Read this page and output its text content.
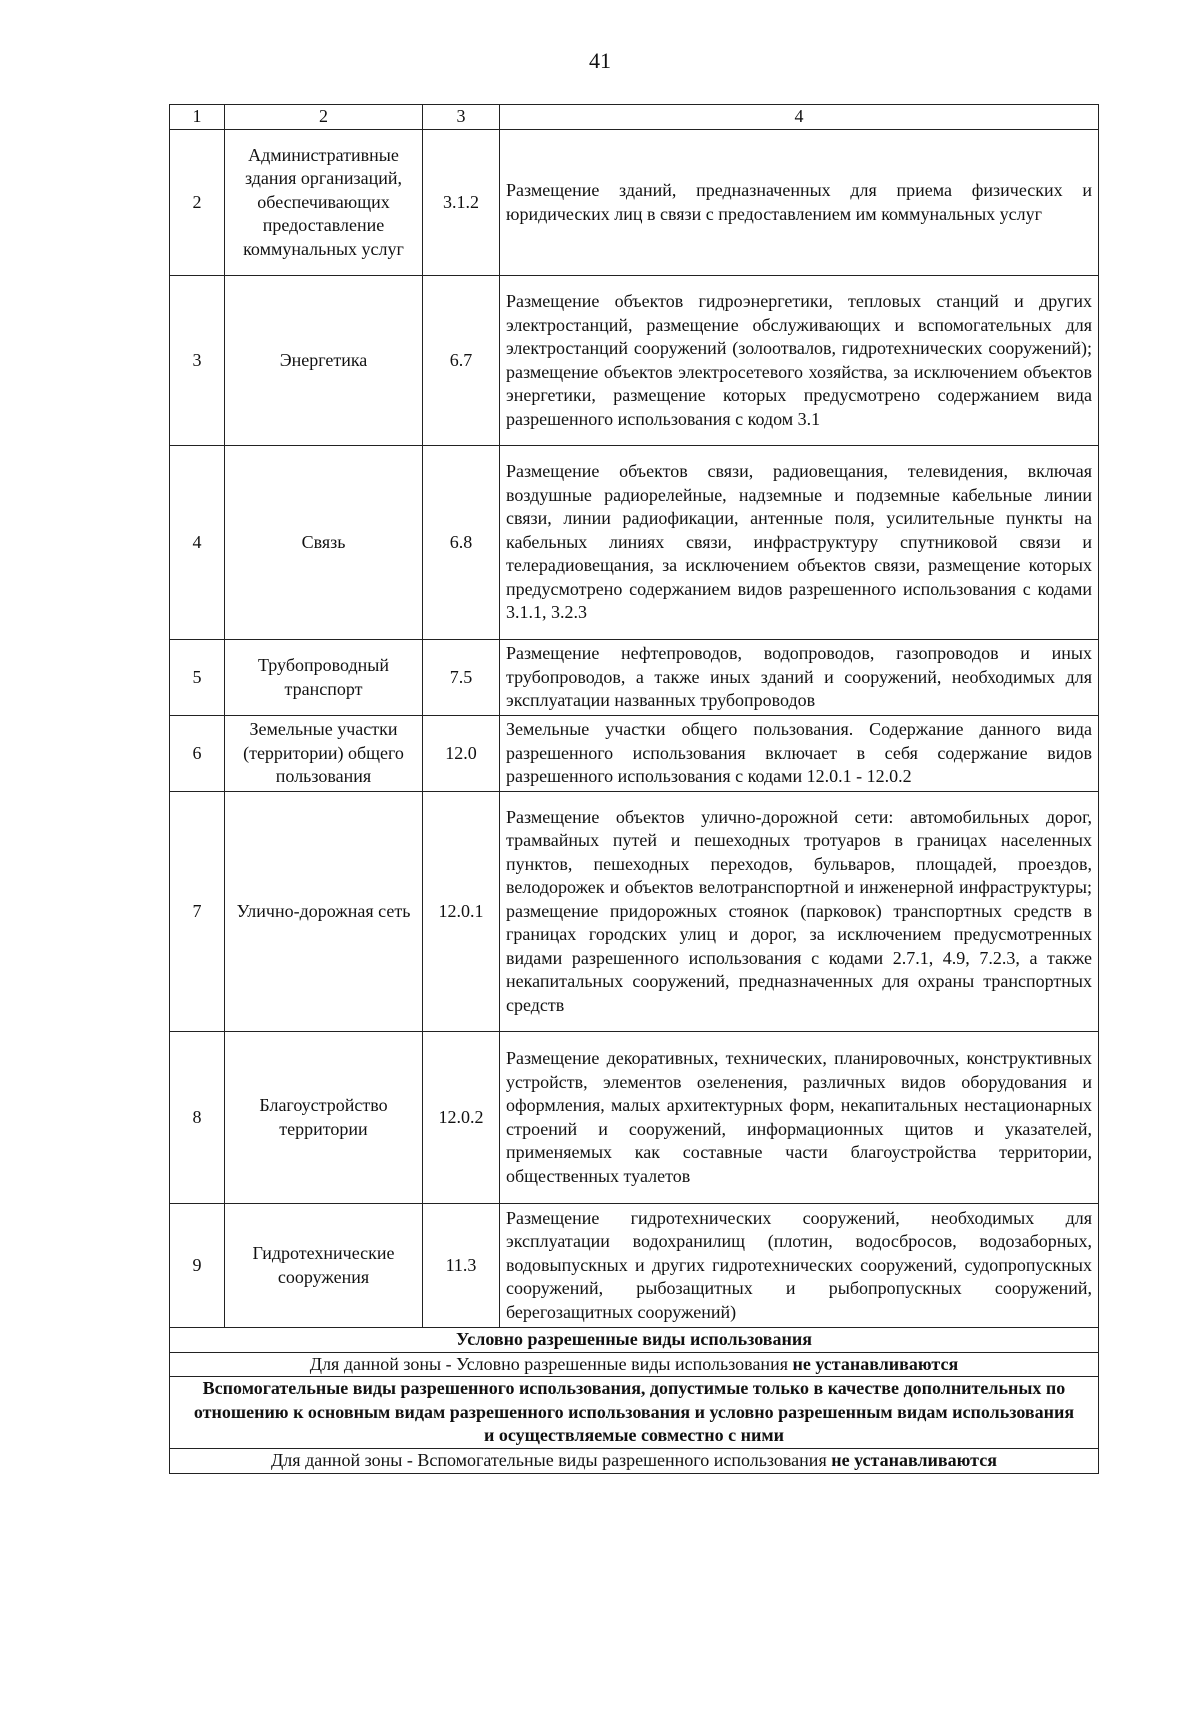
41
1	2	3	4
2	Административные здания организаций, обеспечивающих предоставление коммунальных услуг	3.1.2	Размещение зданий, предназначенных для приема физических и юридических лиц в связи с предоставлением им коммунальных услуг
3	Энергетика	6.7	Размещение объектов гидроэнергетики, тепловых станций и других электростанций, размещение обслуживающих и вспомогательных для электростанций сооружений (золоотвалов, гидротехнических сооружений); размещение объектов электросетевого хозяйства, за исключением объектов энергетики, размещение которых предусмотрено содержанием вида разрешенного использования с кодом 3.1
4	Связь	6.8	Размещение объектов связи, радиовещания, телевидения, включая воздушные радиорелейные, надземные и подземные кабельные линии связи, линии радиофикации, антенные поля, усилительные пункты на кабельных линиях связи, инфраструктуру спутниковой связи и телерадиовещания, за исключением объектов связи, размещение которых предусмотрено содержанием видов разрешенного использования с кодами 3.1.1, 3.2.3
5	Трубопроводный транспорт	7.5	Размещение нефтепроводов, водопроводов, газопроводов и иных трубопроводов, а также иных зданий и сооружений, необходимых для эксплуатации названных трубопроводов
6	Земельные участки (территории) общего пользования	12.0	Земельные участки общего пользования. Содержание данного вида разрешенного использования включает в себя содержание видов разрешенного использования с кодами 12.0.1 - 12.0.2
7	Улично-дорожная сеть	12.0.1	Размещение объектов улично-дорожной сети: автомобильных дорог, трамвайных путей и пешеходных тротуаров в границах населенных пунктов, пешеходных переходов, бульваров, площадей, проездов, велодорожек и объектов велотранспортной и инженерной инфраструктуры; размещение придорожных стоянок (парковок) транспортных средств в границах городских улиц и дорог, за исключением предусмотренных видами разрешенного использования с кодами 2.7.1, 4.9, 7.2.3, а также некапитальных сооружений, предназначенных для охраны транспортных средств
8	Благоустройство территории	12.0.2	Размещение декоративных, технических, планировочных, конструктивных устройств, элементов озеленения, различных видов оборудования и оформления, малых архитектурных форм, некапитальных нестационарных строений и сооружений, информационных щитов и указателей, применяемых как составные части благоустройства территории, общественных туалетов
9	Гидротехнические сооружения	11.3	Размещение гидротехнических сооружений, необходимых для эксплуатации водохранилищ (плотин, водосбросов, водозаборных, водовыпускных и других гидротехнических сооружений, судопропускных сооружений, рыбозащитных и рыбопропускных сооружений, берегозащитных сооружений)
Условно разрешенные виды использования			
Для данной зоны - Условно разрешенные виды использования не устанавливаются			
Вспомогательные виды разрешенного использования, допустимые только в качестве дополнительных по отношению к основным видам разрешенного использования и условно разрешенным видам использования и осуществляемые совместно с ними			
Для данной зоны - Вспомогательные виды разрешенного использования не устанавливаются			
